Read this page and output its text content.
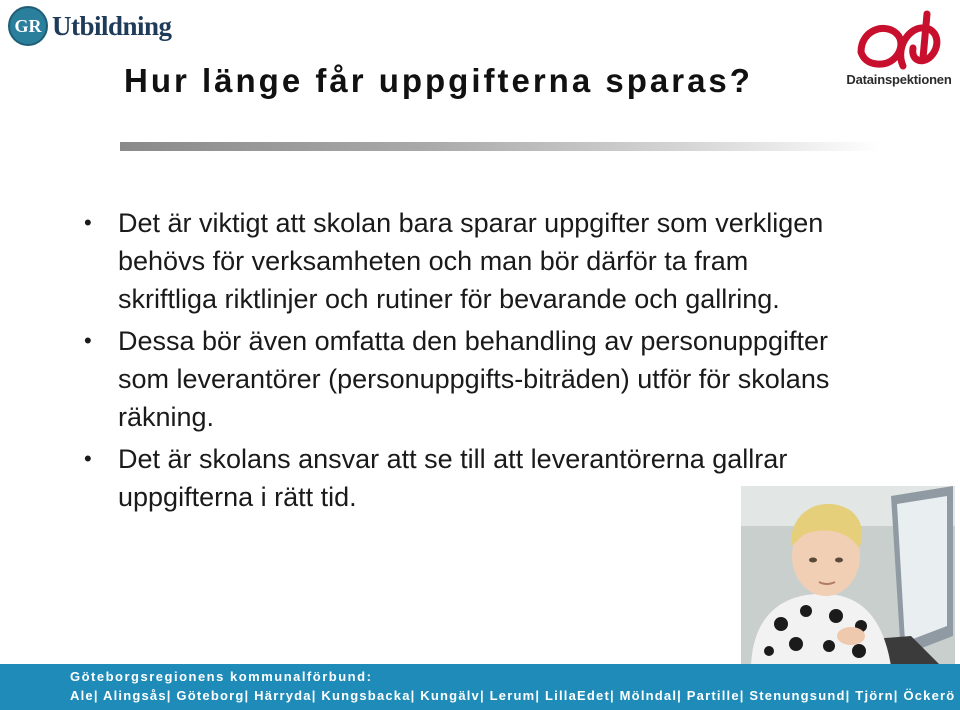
GR Utbildning
Datainspektionen
Hur länge får uppgifterna sparas?
• Det är viktigt att skolan bara sparar uppgifter som verkligen behövs för verksamheten och man bör därför ta fram skriftliga riktlinjer och rutiner för bevarande och gallring.
• Dessa bör även omfatta den behandling av personuppgifter som leverantörer (personuppgifts-biträden) utför för skolans räkning.
• Det är skolans ansvar att se till att leverantörerna gallrar uppgifterna i rätt tid.
Göteborgsregionens kommunalförbund:
Ale| Alingsås| Göteborg| Härryda| Kungsbacka| Kungälv| Lerum| LillaEdet| Mölndal| Partille| Stenungsund| Tjörn| Öckerö
